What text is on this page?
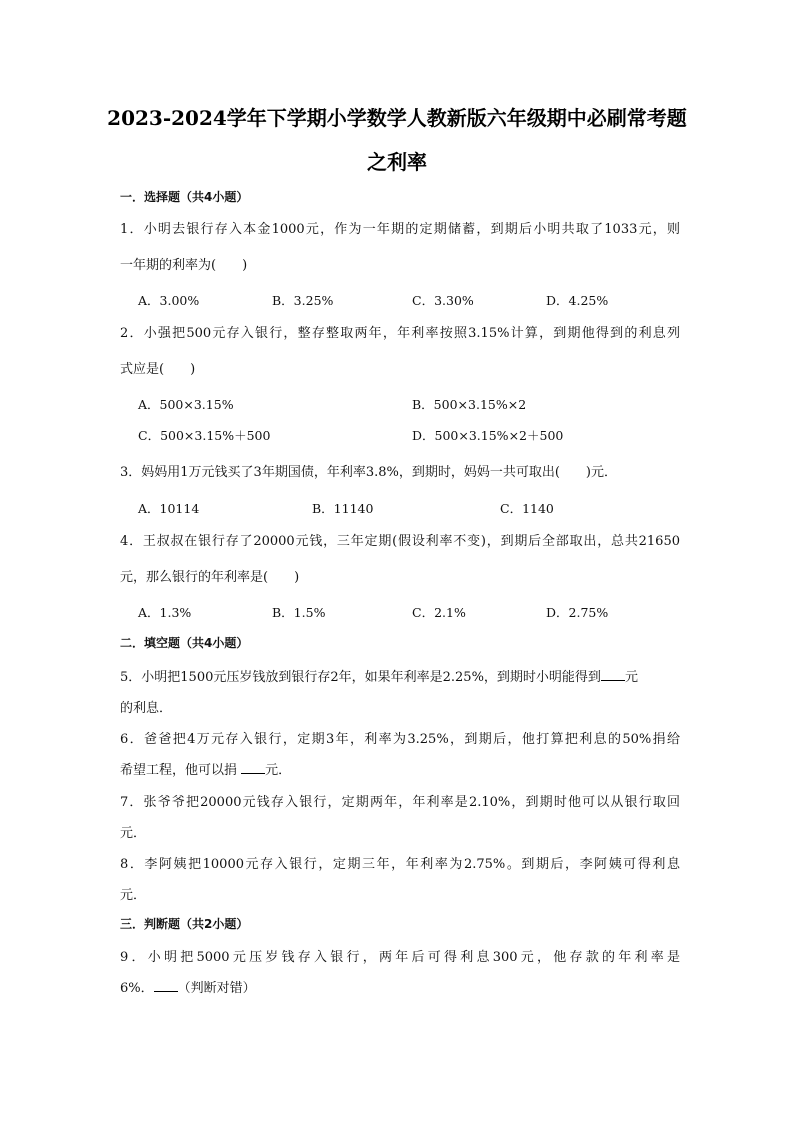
2023-2024学年下学期小学数学人教新版六年级期中必刷常考题
之利率
一．选择题（共4小题）
1．小明去银行存入本金1000元，作为一年期的定期储蓄，到期后小明共取了1033元，则
一年期的利率为(　　)
A．3.00%	B．3.25%	C．3.30%	D．4.25%
2．小强把500元存入银行，整存整取两年，年利率按照3.15%计算，到期他得到的利息列
式应是(　　)
A．500×3.15%	B．500×3.15%×2
C．500×3.15%＋500	D．500×3.15%×2＋500
3．妈妈用1万元钱买了3年期国债，年利率3.8%，到期时，妈妈一共可取出(　　)元．
A．10114	B．11140	C．1140
4．王叔叔在银行存了20000元钱，三年定期(假设利率不变)，到期后全部取出，总共21650
元，那么银行的年利率是(　　)
A．1.3%	B．1.5%	C．2.1%	D．2.75%
二．填空题（共4小题）
5．小明把1500元压岁钱放到银行存2年，如果年利率是2.25%，到期时小明能得到 元
的利息．
6．爸爸把4万元存入银行，定期3年，利率为3.25%，到期后，他打算把利息的50%捐给
希望工程，他可以捐 元．
7．张爷爷把20000元钱存入银行，定期两年，年利率是2.10%，到期时他可以从银行取回
元．
8．李阿姨把10000元存入银行，定期三年，年利率为2.75%。到期后，李阿姨可得利息
元．
三．判断题（共2小题）
9．小明把5000元压岁钱存入银行，两年后可得利息300元，他存款的年利率是
6%． （判断对错）
